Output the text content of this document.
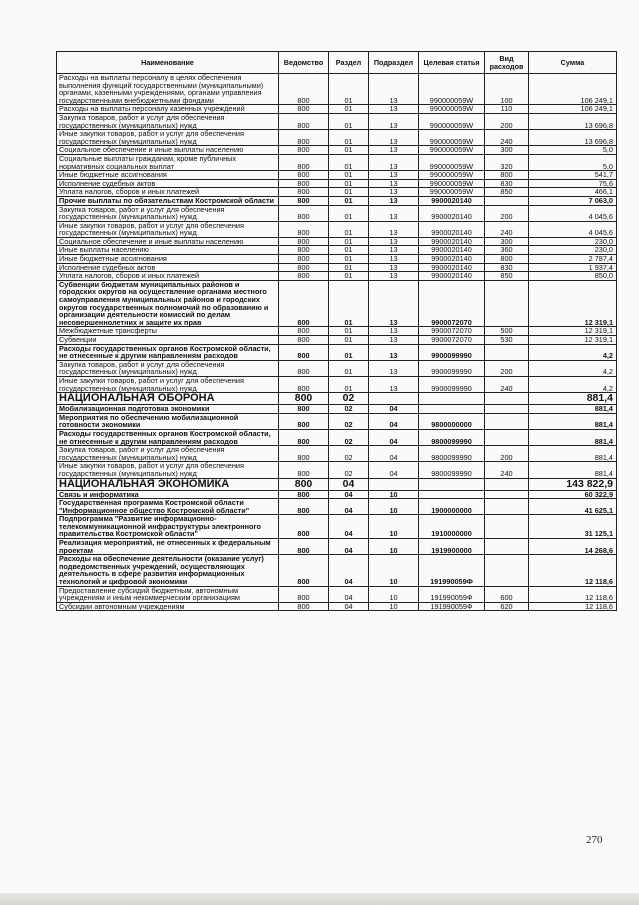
Наименование	Ведомство	Раздел	Подраздел	Целевая статья	Вид расходов	Сумма
Расходы на выплаты персоналу в целях обеспечения выполнения функций государственными (муниципальными) органами, казенными учреждениями, органами управления государственными внебюджетными фондами	800	01	13	990000059W	100	106 249,1
Расходы на выплаты персоналу казенных учреждений	800	01	13	990000059W	110	106 249,1
Закупка товаров, работ и услуг для обеспечения государственных (муниципальных) нужд	800	01	13	990000059W	200	13 696,8
Иные закупки товаров, работ и услуг для обеспечения государственных (муниципальных) нужд	800	01	13	990000059W	240	13 696,8
Социальное обеспечение и иные выплаты населению	800	01	13	990000059W	300	5,0
Социальные выплаты гражданам, кроме публичных нормативных социальных выплат	800	01	13	990000059W	320	5,0
Иные бюджетные ассигнования	800	01	13	990000059W	800	541,7
Исполнение судебных актов	800	01	13	990000059W	830	75,6
Уплата налогов, сборов и иных платежей	800	01	13	990000059W	850	466,1
Прочие выплаты по обязательствам Костромской области	800	01	13	9900020140		7 063,0
Закупка товаров, работ и услуг для обеспечения государственных (муниципальных) нужд	800	01	13	9900020140	200	4 045,6
Иные закупки товаров, работ и услуг для обеспечения государственных (муниципальных) нужд	800	01	13	9900020140	240	4 045,6
Социальное обеспечение и иные выплаты населению	800	01	13	9900020140	300	230,0
Иные выплаты населению	800	01	13	9900020140	360	230,0
Иные бюджетные ассигнования	800	01	13	9900020140	800	2 787,4
Исполнение судебных актов	800	01	13	9900020140	830	1 937,4
Уплата налогов, сборов и иных платежей	800	01	13	9900020140	850	850,0
Субвенции бюджетам муниципальных районов и городских округов на осуществление органами местного самоуправления муниципальных районов и городских округов государственных полномочий по образованию и организации деятельности комиссий по делам несовершеннолетних и защите их прав	800	01	13	9900072070		12 319,1
Межбюджетные трансферты	800	01	13	9900072070	500	12 319,1
Субвенции	800	01	13	9900072070	530	12 319,1
Расходы государственных органов Костромской области, не отнесенные к другим направлениям расходов	800	01	13	9900099990		4,2
Закупка товаров, работ и услуг для обеспечения государственных (муниципальных) нужд	800	01	13	9900099990	200	4,2
Иные закупки товаров, работ и услуг для обеспечения государственных (муниципальных) нужд	800	01	13	9900099990	240	4,2
НАЦИОНАЛЬНАЯ ОБОРОНА	800	02				881,4
Мобилизационная подготовка экономики	800	02	04			881,4
Мероприятия по обеспечению мобилизационной готовности экономики	800	02	04	9800000000		881,4
Расходы государственных органов Костромской области, не отнесенные к другим направлениям расходов	800	02	04	9800099990		881,4
Закупка товаров, работ и услуг для обеспечения государственных (муниципальных) нужд	800	02	04	9800099990	200	881,4
Иные закупки товаров, работ и услуг для обеспечения государственных (муниципальных) нужд	800	02	04	9800099990	240	881,4
НАЦИОНАЛЬНАЯ ЭКОНОМИКА	800	04				143 822,9
Связь и информатика	800	04	10			60 322,9
Государственная программа Костромской области "Информационное общество Костромской области"	800	04	10	1900000000		41 625,1
Подпрограмма "Развитие информационно-телекоммуникационной инфраструктуры электронного правительства Костромской области"	800	04	10	1910000000		31 125,1
Реализация мероприятий, не отнесенных к федеральным проектам	800	04	10	1919900000		14 268,6
Расходы на обеспечение деятельности (оказание услуг) подведомственных учреждений, осуществляющих деятельность в сфере развития информационных технологий и цифровой экономики	800	04	10	191990059Ф		12 118,6
Предоставление субсидий бюджетным, автономным учреждениям и иным некоммерческим организациям	800	04	10	191990059Ф	600	12 118,6
Субсидии автономным учреждениям	800	04	10	191990059Ф	620	12 118,6
270
